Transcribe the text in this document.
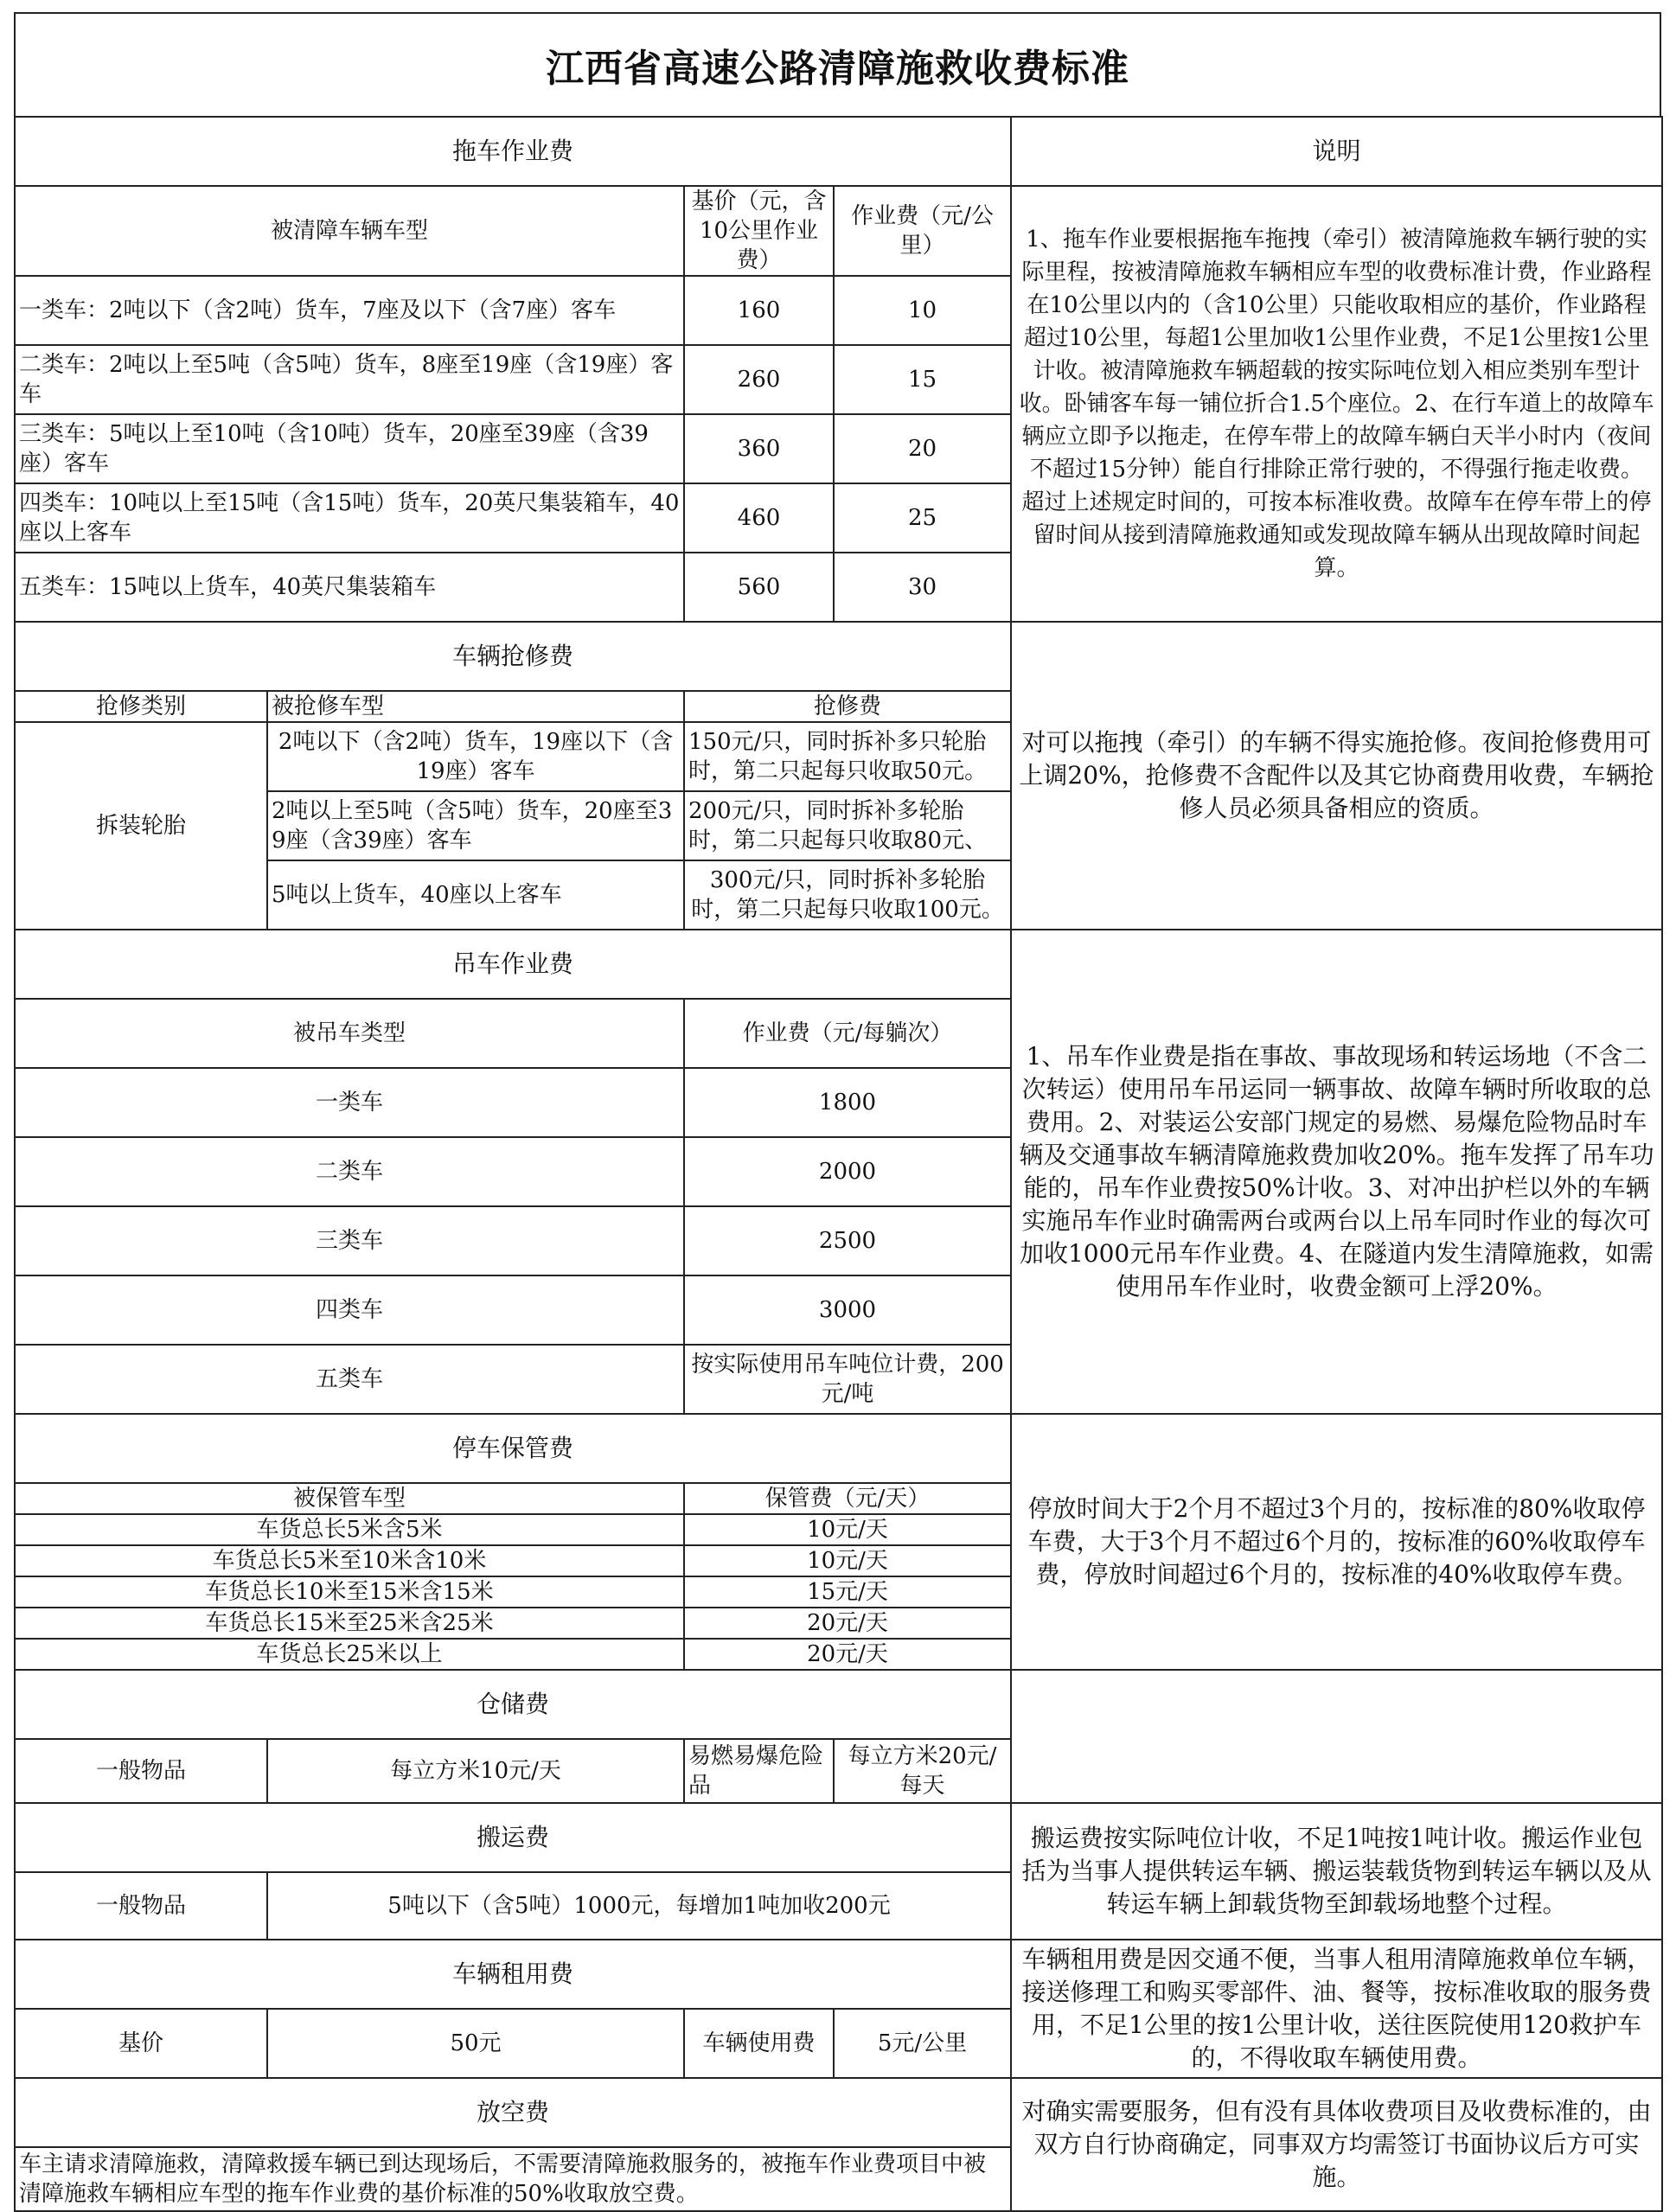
江西省高速公路清障施救收费标准
拖车作业费				说明
被清障车辆车型		基价（元，含10公里作业费）	作业费（元/公里）	1、拖车作业要根据拖车拖拽（牵引）被清障施救车辆行驶的实际里程，按被清障施救车辆相应车型的收费标准计费，作业路程在10公里以内的（含10公里）只能收取相应的基价，作业路程超过10公里，每超1公里加收1公里作业费，不足1公里按1公里计收。被清障施救车辆超载的按实际吨位划入相应类别车型计收。卧铺客车每一铺位折合1.5个座位。2、在行车道上的故障车辆应立即予以拖走，在停车带上的故障车辆白天半小时内（夜间不超过15分钟）能自行排除正常行驶的，不得强行拖走收费。超过上述规定时间的，可按本标准收费。故障车在停车带上的停留时间从接到清障施救通知或发现故障车辆从出现故障时间起算。
一类车：2吨以下（含2吨）货车，7座及以下（含7座）客车		160	10	
二类车：2吨以上至5吨（含5吨）货车，8座至19座（含19座）客车		260	15	
三类车：5吨以上至10吨（含10吨）货车，20座至39座（含39座）客车		360	20	
四类车：10吨以上至15吨（含15吨）货车，20英尺集装箱车，40座以上客车		460	25	
五类车：15吨以上货车，40英尺集装箱车		560	30	
车辆抢修费				对可以拖拽（牵引）的车辆不得实施抢修。夜间抢修费用可上调20%，抢修费不含配件以及其它协商费用收费，车辆抢修人员必须具备相应的资质。
抢修类别	被抢修车型	抢修费		
拆装轮胎	2吨以下（含2吨）货车，19座以下（含19座）客车	150元/只，同时拆补多只轮胎时，第二只起每只收取50元。		
	2吨以上至5吨（含5吨）货车，20座至39座（含39座）客车	200元/只，同时拆补多轮胎时，第二只起每只收取80元、		
	5吨以上货车，40座以上客车	300元/只，同时拆补多轮胎时，第二只起每只收取100元。		
吊车作业费				1、吊车作业费是指在事故、事故现场和转运场地（不含二次转运）使用吊车吊运同一辆事故、故障车辆时所收取的总费用。2、对装运公安部门规定的易燃、易爆危险物品时车辆及交通事故车辆清障施救费加收20%。拖车发挥了吊车功能的，吊车作业费按50%计收。3、对冲出护栏以外的车辆实施吊车作业时确需两台或两台以上吊车同时作业的每次可加收1000元吊车作业费。4、在隧道内发生清障施救，如需使用吊车作业时，收费金额可上浮20%。
被吊车类型		作业费（元/每躺次）		
一类车		1800		
二类车		2000		
三类车		2500		
四类车		3000		
五类车		按实际使用吊车吨位计费，200元/吨		
停车保管费				停放时间大于2个月不超过3个月的，按标准的80%收取停车费，大于3个月不超过6个月的，按标准的60%收取停车费，停放时间超过6个月的，按标准的40%收取停车费。
被保管车型		保管费（元/天）		
车货总长5米含5米		10元/天		
车货总长5米至10米含10米		10元/天		
车货总长10米至15米含15米		15元/天		
车货总长15米至25米含25米		20元/天		
车货总长25米以上		20元/天		
仓储费				
一般物品	每立方米10元/天	易燃易爆危险品	每立方米20元/每天	
搬运费				搬运费按实际吨位计收，不足1吨按1吨计收。搬运作业包括为当事人提供转运车辆、搬运装载货物到转运车辆以及从转运车辆上卸载货物至卸载场地整个过程。
一般物品	5吨以下（含5吨）1000元，每增加1吨加收200元			
车辆租用费				车辆租用费是因交通不便，当事人租用清障施救单位车辆，接送修理工和购买零部件、油、餐等，按标准收取的服务费用，不足1公里的按1公里计收，送往医院使用120救护车的，不得收取车辆使用费。
基价	50元	车辆使用费	5元/公里	
放空费				对确实需要服务，但有没有具体收费项目及收费标准的，由双方自行协商确定，同事双方均需签订书面协议后方可实施。
车主请求清障施救，清障救援车辆已到达现场后，不需要清障施救服务的，被拖车作业费项目中被清障施救车辆相应车型的拖车作业费的基价标准的50%收取放空费。				
